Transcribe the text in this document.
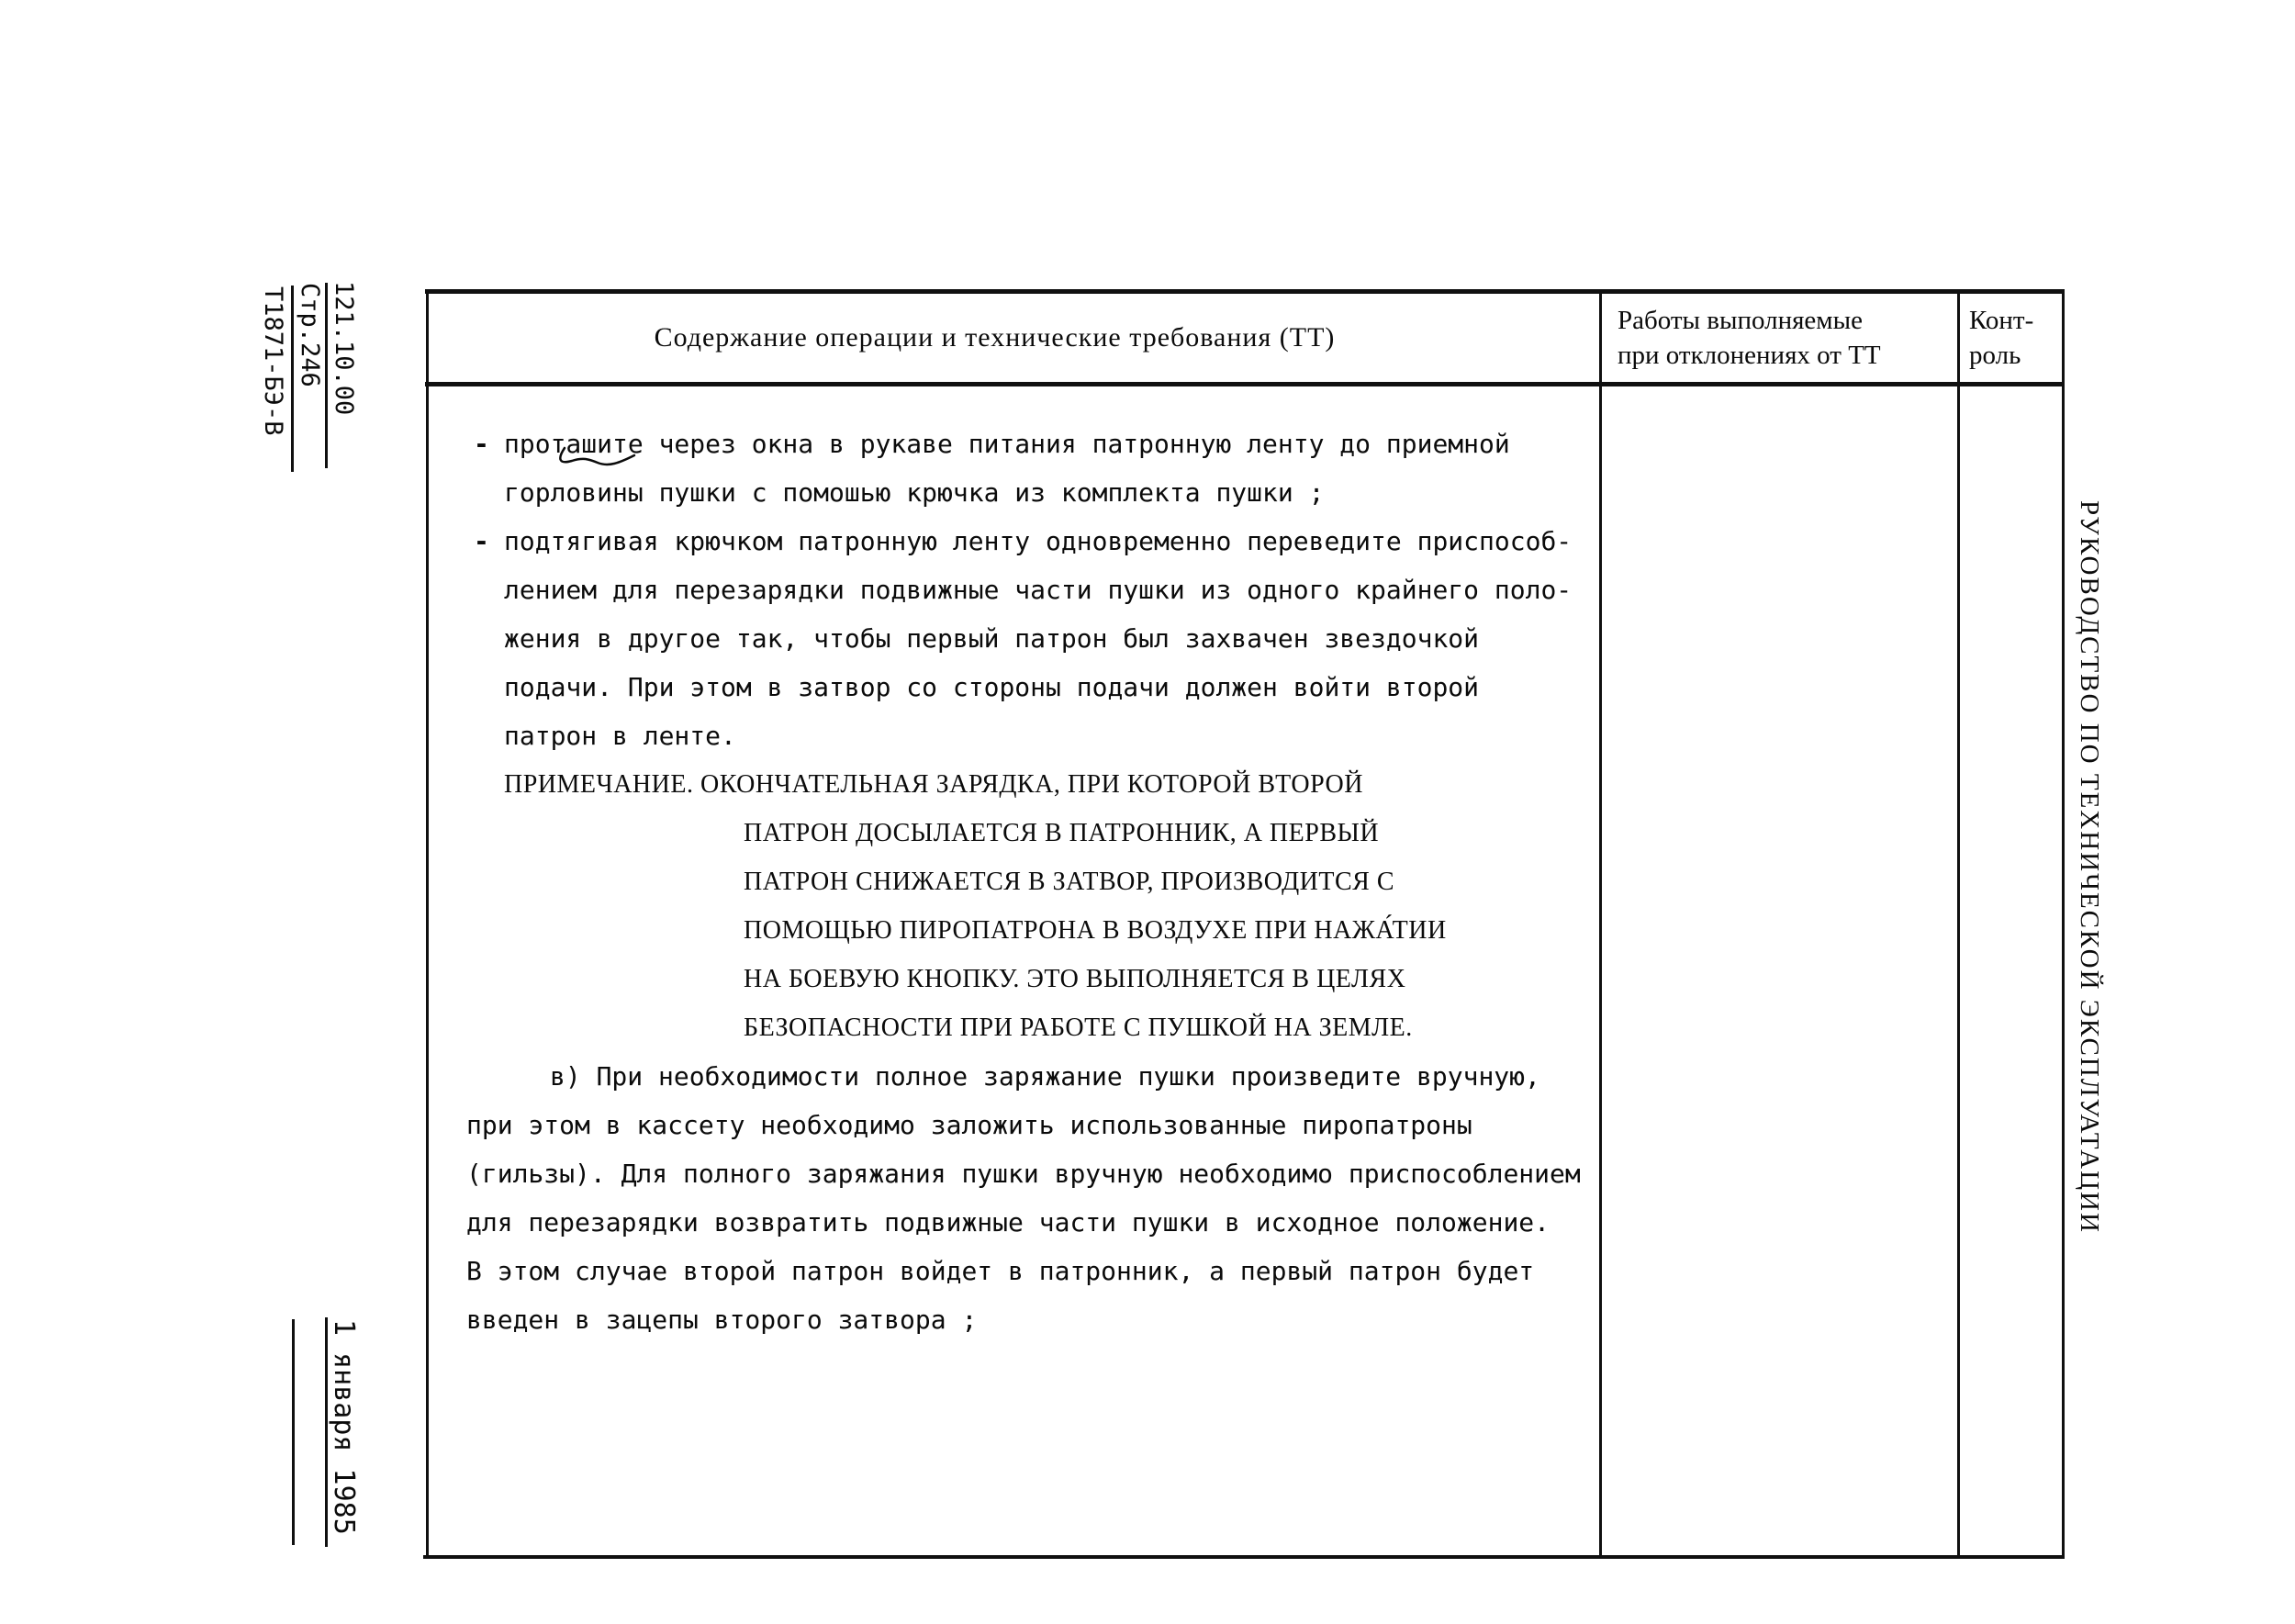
121.10.00
Стр.246
Т1871-БЭ-В
1 января 1985
РУКОВОДСТВО ПО ТЕХНИЧЕСКОЙ ЭКСПЛУАТАЦИИ
Содержание операции и технические требования (ТТ)
Работы выполняемые
при отклонениях от ТТ
Конт-
роль
- проташите через окна в рукаве питания патронную ленту до приемной
горловины пушки с помошью крючка из комплекта пушки ;
- подтягивая крючком патронную ленту одновременно переведите приспособ-
лением для перезарядки подвижные части пушки из одного крайнего поло-
жения в другое так, чтобы первый патрон был захвачен звездочкой
подачи. При этом в затвор со стороны подачи должен войти второй
патрон в ленте.
ПРИМЕЧАНИЕ. ОКОНЧАТЕЛЬНАЯ ЗАРЯДКА, ПРИ КОТОРОЙ ВТОРОЙ
ПАТРОН ДОСЫЛАЕТСЯ В ПАТРОННИК, А ПЕРВЫЙ
ПАТРОН СНИЖАЕТСЯ В ЗАТВОР, ПРОИЗВОДИТСЯ С
ПОМОЩЬЮ ПИРОПАТРОНА В ВОЗДУХЕ ПРИ НАЖА́ТИИ
НА БОЕВУЮ КНОПКУ. ЭТО ВЫПОЛНЯЕТСЯ В ЦЕЛЯХ
БЕЗОПАСНОСТИ ПРИ РАБОТЕ С ПУШКОЙ НА ЗЕМЛЕ.
в) При необходимости полное заряжание пушки произведите вручную,
при этом в кассету необходимо заложить использованные пиропатроны
(гильзы). Для полного заряжания пушки вручную необходимо приспособлением
для перезарядки возвратить подвижные части пушки в исходное положение.
В этом случае второй патрон войдет в патронник, а первый патрон будет
введен в зацепы второго затвора ;
